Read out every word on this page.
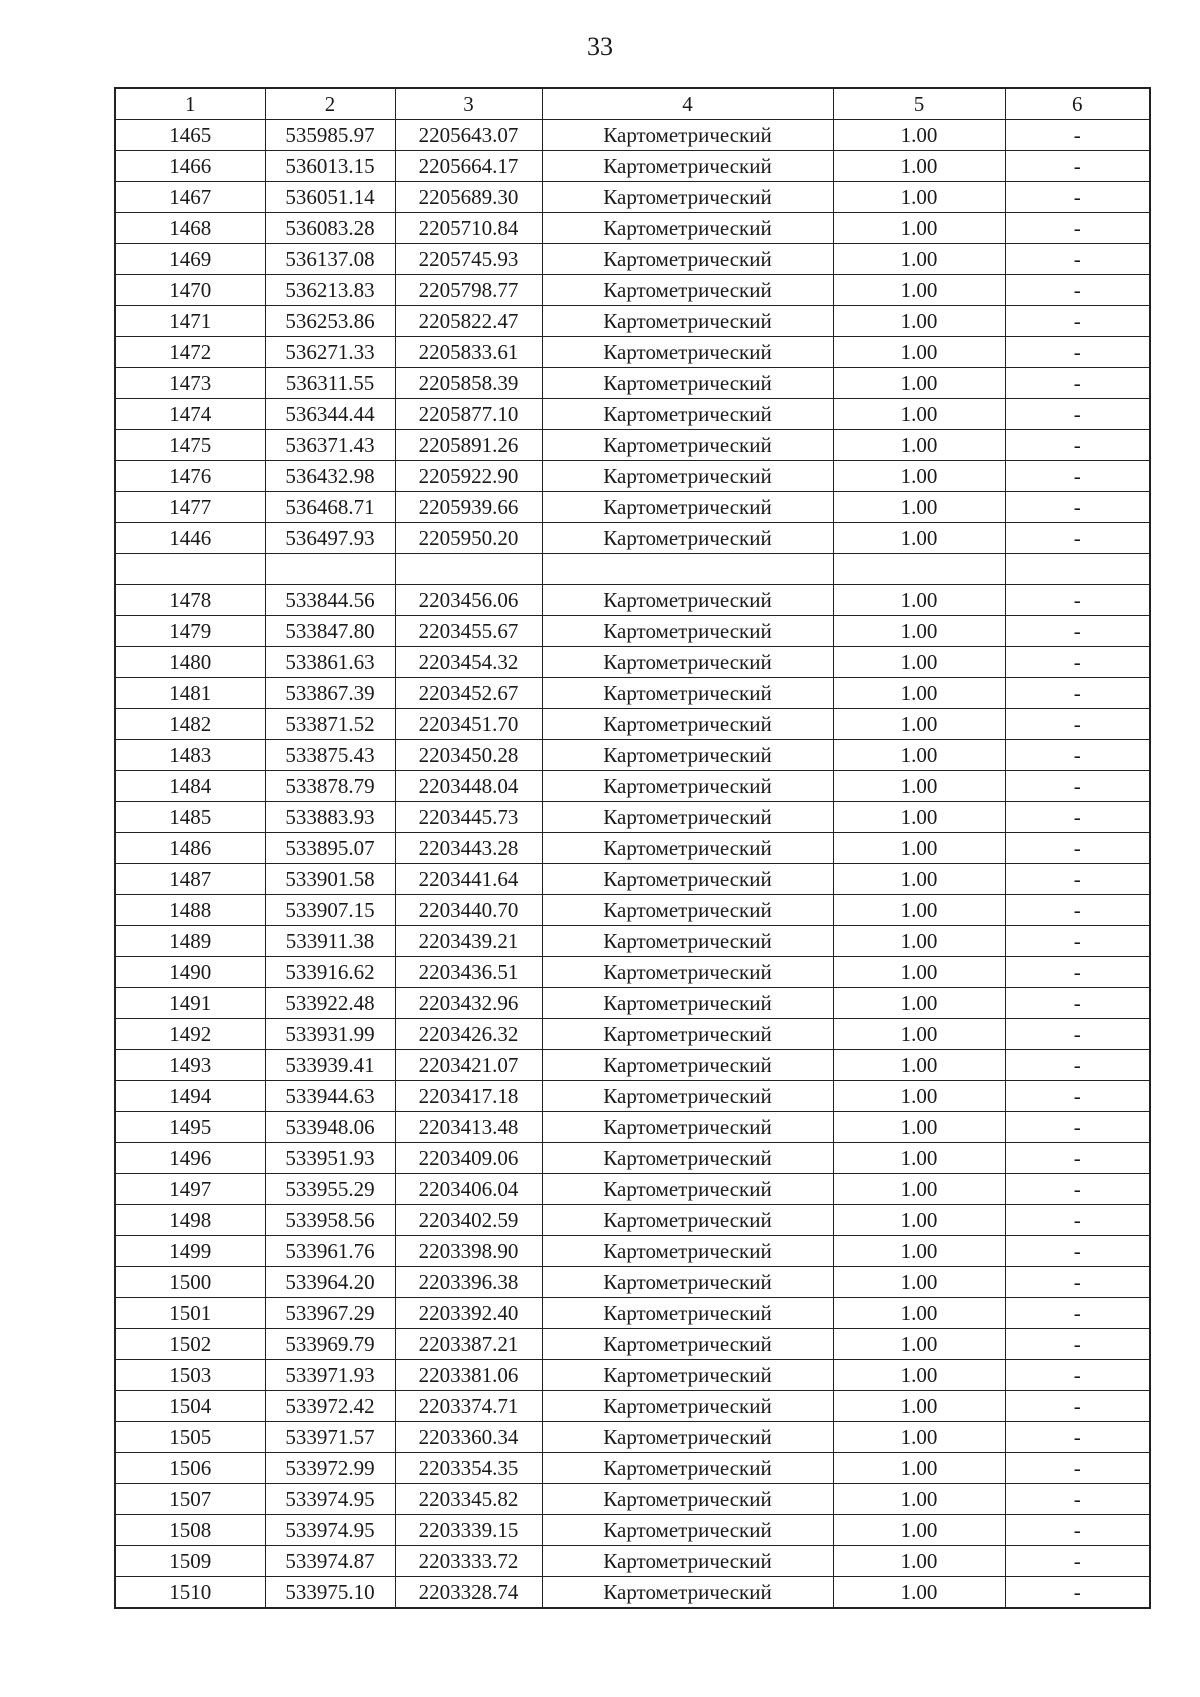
33
1	2	3	4	5	6
1465	535985.97	2205643.07	Картометрический	1.00	-
1466	536013.15	2205664.17	Картометрический	1.00	-
1467	536051.14	2205689.30	Картометрический	1.00	-
1468	536083.28	2205710.84	Картометрический	1.00	-
1469	536137.08	2205745.93	Картометрический	1.00	-
1470	536213.83	2205798.77	Картометрический	1.00	-
1471	536253.86	2205822.47	Картометрический	1.00	-
1472	536271.33	2205833.61	Картометрический	1.00	-
1473	536311.55	2205858.39	Картометрический	1.00	-
1474	536344.44	2205877.10	Картометрический	1.00	-
1475	536371.43	2205891.26	Картометрический	1.00	-
1476	536432.98	2205922.90	Картометрический	1.00	-
1477	536468.71	2205939.66	Картометрический	1.00	-
1446	536497.93	2205950.20	Картометрический	1.00	-

1478	533844.56	2203456.06	Картометрический	1.00	-
1479	533847.80	2203455.67	Картометрический	1.00	-
1480	533861.63	2203454.32	Картометрический	1.00	-
1481	533867.39	2203452.67	Картометрический	1.00	-
1482	533871.52	2203451.70	Картометрический	1.00	-
1483	533875.43	2203450.28	Картометрический	1.00	-
1484	533878.79	2203448.04	Картометрический	1.00	-
1485	533883.93	2203445.73	Картометрический	1.00	-
1486	533895.07	2203443.28	Картометрический	1.00	-
1487	533901.58	2203441.64	Картометрический	1.00	-
1488	533907.15	2203440.70	Картометрический	1.00	-
1489	533911.38	2203439.21	Картометрический	1.00	-
1490	533916.62	2203436.51	Картометрический	1.00	-
1491	533922.48	2203432.96	Картометрический	1.00	-
1492	533931.99	2203426.32	Картометрический	1.00	-
1493	533939.41	2203421.07	Картометрический	1.00	-
1494	533944.63	2203417.18	Картометрический	1.00	-
1495	533948.06	2203413.48	Картометрический	1.00	-
1496	533951.93	2203409.06	Картометрический	1.00	-
1497	533955.29	2203406.04	Картометрический	1.00	-
1498	533958.56	2203402.59	Картометрический	1.00	-
1499	533961.76	2203398.90	Картометрический	1.00	-
1500	533964.20	2203396.38	Картометрический	1.00	-
1501	533967.29	2203392.40	Картометрический	1.00	-
1502	533969.79	2203387.21	Картометрический	1.00	-
1503	533971.93	2203381.06	Картометрический	1.00	-
1504	533972.42	2203374.71	Картометрический	1.00	-
1505	533971.57	2203360.34	Картометрический	1.00	-
1506	533972.99	2203354.35	Картометрический	1.00	-
1507	533974.95	2203345.82	Картометрический	1.00	-
1508	533974.95	2203339.15	Картометрический	1.00	-
1509	533974.87	2203333.72	Картометрический	1.00	-
1510	533975.10	2203328.74	Картометрический	1.00	-
